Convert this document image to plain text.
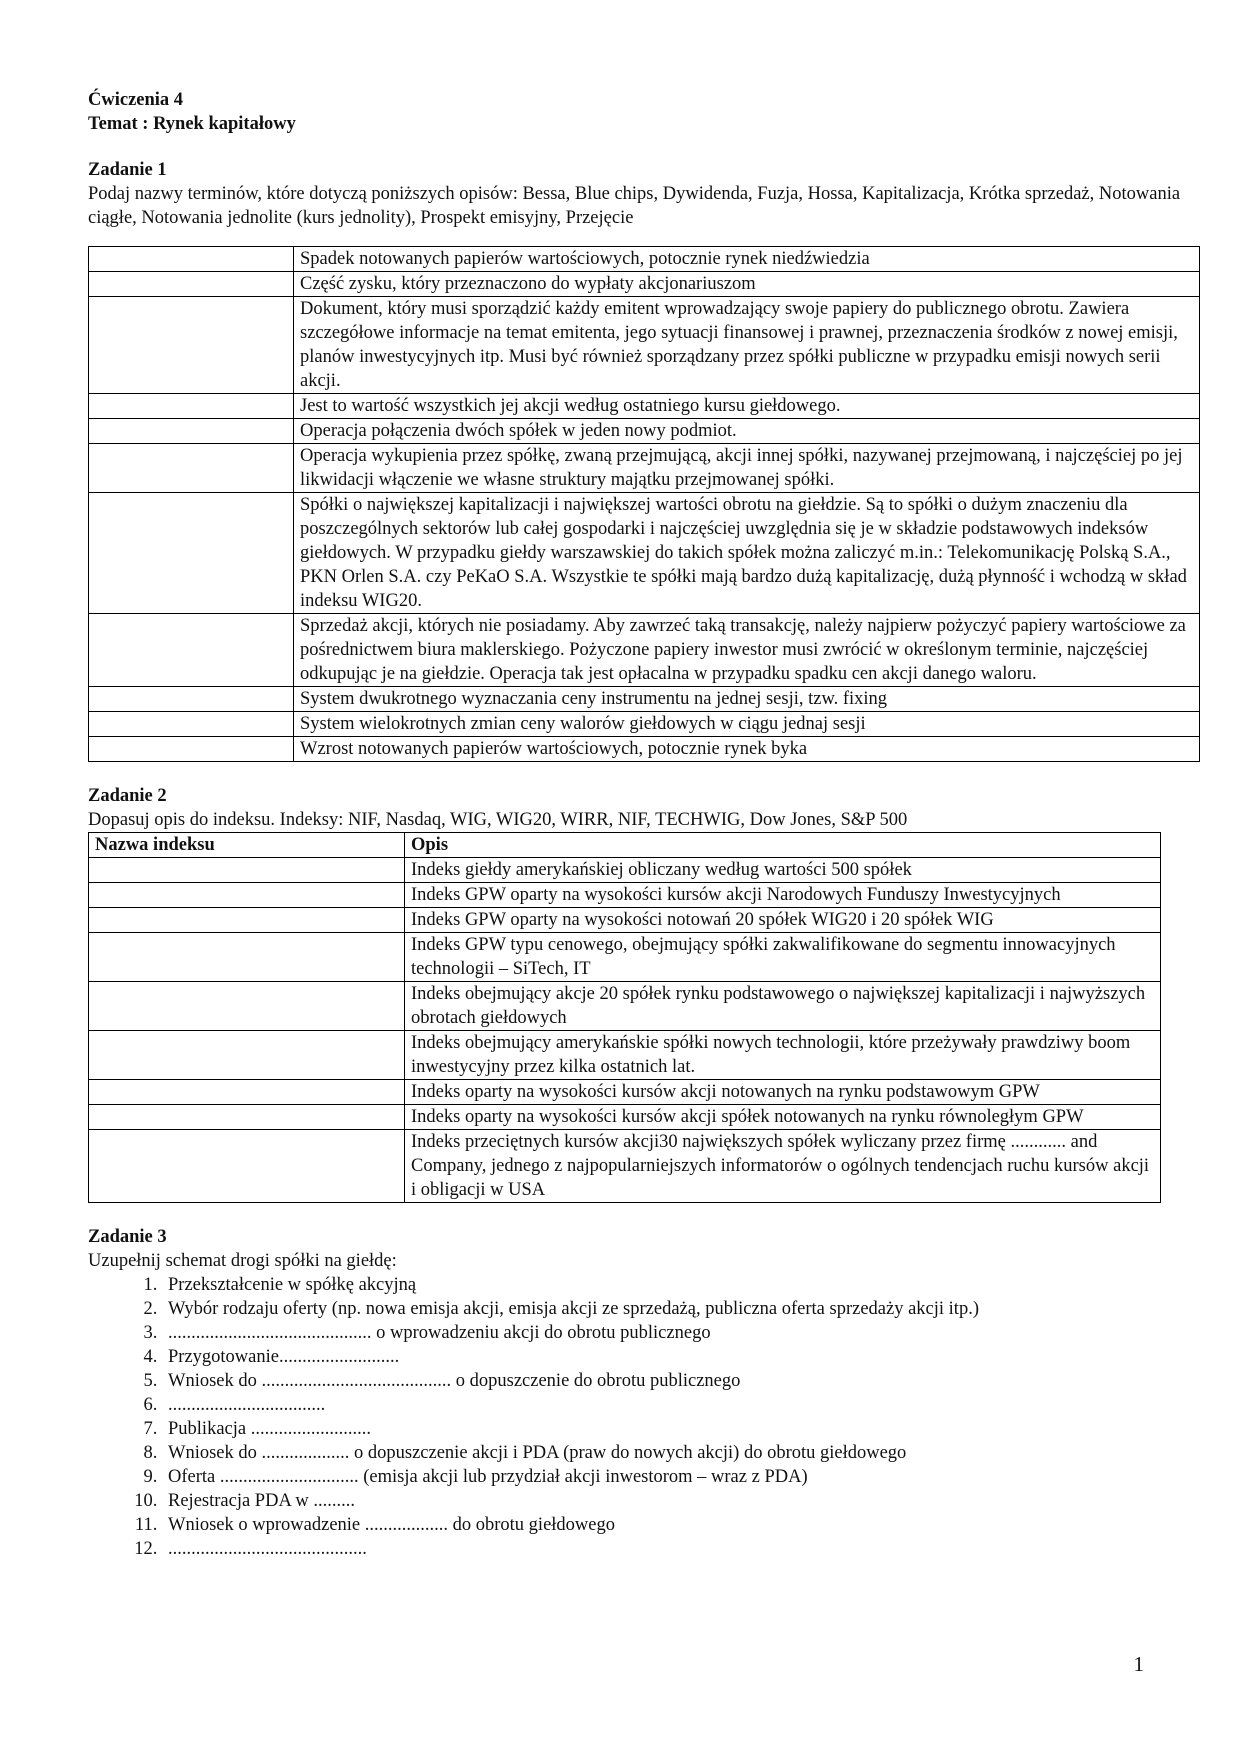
Ćwiczenia 4
Temat : Rynek kapitałowy
Zadanie 1

Podaj nazwy terminów, które dotyczą poniższych opisów: Bessa, Blue chips, Dywidenda, Fuzja, Hossa, Kapitalizacja, Krótka sprzedaż, Notowania ciągłe, Notowania jednolite (kurs jednolity), Prospekt emisyjny, Przejęcie

	Spadek notowanych papierów wartościowych, potocznie rynek niedźwiedzia
	Część zysku, który przeznaczono do wypłaty akcjonariuszom
	Dokument, który musi sporządzić każdy emitent wprowadzający swoje papiery do publicznego obrotu. Zawiera szczegółowe informacje na temat emitenta, jego sytuacji finansowej i prawnej, przeznaczenia środków z nowej emisji, planów inwestycyjnych itp. Musi być również sporządzany przez spółki publiczne w przypadku emisji nowych serii akcji.
	Jest to wartość wszystkich jej akcji według ostatniego kursu giełdowego.
	Operacja połączenia dwóch spółek w jeden nowy podmiot.
	Operacja wykupienia przez spółkę, zwaną przejmującą, akcji innej spółki, nazywanej przejmowaną, i najczęściej po jej likwidacji włączenie we własne struktury majątku przejmowanej spółki.
	Spółki o największej kapitalizacji i największej wartości obrotu na giełdzie. Są to spółki o dużym znaczeniu dla poszczególnych sektorów lub całej gospodarki i najczęściej uwzględnia się je w składzie podstawowych indeksów giełdowych. W przypadku giełdy warszawskiej do takich spółek można zaliczyć m.in.: Telekomunikację Polską S.A., PKN Orlen S.A. czy PeKaO S.A. Wszystkie te spółki mają bardzo dużą kapitalizację, dużą płynność i wchodzą w skład indeksu WIG20.
	Sprzedaż akcji, których nie posiadamy. Aby zawrzeć taką transakcję, należy najpierw pożyczyć papiery wartościowe za pośrednictwem biura maklerskiego. Pożyczone papiery inwestor musi zwrócić w określonym terminie, najczęściej odkupując je na giełdzie. Operacja tak jest opłacalna w przypadku spadku cen akcji danego waloru.
	System dwukrotnego wyznaczania ceny instrumentu na jednej sesji, tzw. fixing
	System wielokrotnych zmian ceny walorów giełdowych w ciągu jednaj sesji
	Wzrost notowanych papierów wartościowych, potocznie rynek byka
Zadanie 2

Dopasuj opis do indeksu. Indeksy: NIF, Nasdaq, WIG, WIG20, WIRR, NIF, TECHWIG, Dow Jones, S&P 500

Nazwa indeksu	Opis
	Indeks giełdy amerykańskiej obliczany według wartości 500 spółek
	Indeks GPW oparty na wysokości kursów akcji Narodowych Funduszy Inwestycyjnych
	Indeks GPW oparty na wysokości notowań 20 spółek WIG20 i 20 spółek WIG
	Indeks GPW typu cenowego, obejmujący spółki zakwalifikowane do segmentu innowacyjnych technologii – SiTech, IT
	Indeks obejmujący akcje 20 spółek rynku podstawowego o największej kapitalizacji i najwyższych obrotach giełdowych
	Indeks obejmujący amerykańskie spółki nowych technologii, które przeżywały prawdziwy boom inwestycyjny przez kilka ostatnich lat.
	Indeks oparty na wysokości kursów akcji notowanych na rynku podstawowym GPW
	Indeks oparty na wysokości kursów akcji spółek notowanych na rynku równoległym GPW
	Indeks przeciętnych kursów akcji30 największych spółek wyliczany przez firmę ............ and Company, jednego z najpopularniejszych informatorów o ogólnych tendencjach ruchu kursów akcji i obligacji w USA
Zadanie 3

Uzupełnij schemat drogi spółki na giełdę:

1. Przekształcenie w spółkę akcyjną
2. Wybór rodzaju oferty (np. nowa emisja akcji, emisja akcji ze sprzedażą, publiczna oferta sprzedaży akcji itp.)
3. ............................................ o wprowadzeniu akcji do obrotu publicznego
4. Przygotowanie..........................
5. Wniosek do ......................................... o dopuszczenie do obrotu publicznego
6. ..................................
7. Publikacja ..........................
8. Wniosek do ................... o dopuszczenie akcji i PDA (praw do nowych akcji) do obrotu giełdowego
9. Oferta .............................. (emisja akcji lub przydział akcji inwestorom – wraz z PDA)
10. Rejestracja PDA w .........
11. Wniosek o wprowadzenie .................. do obrotu giełdowego
12. ...........................................
1
